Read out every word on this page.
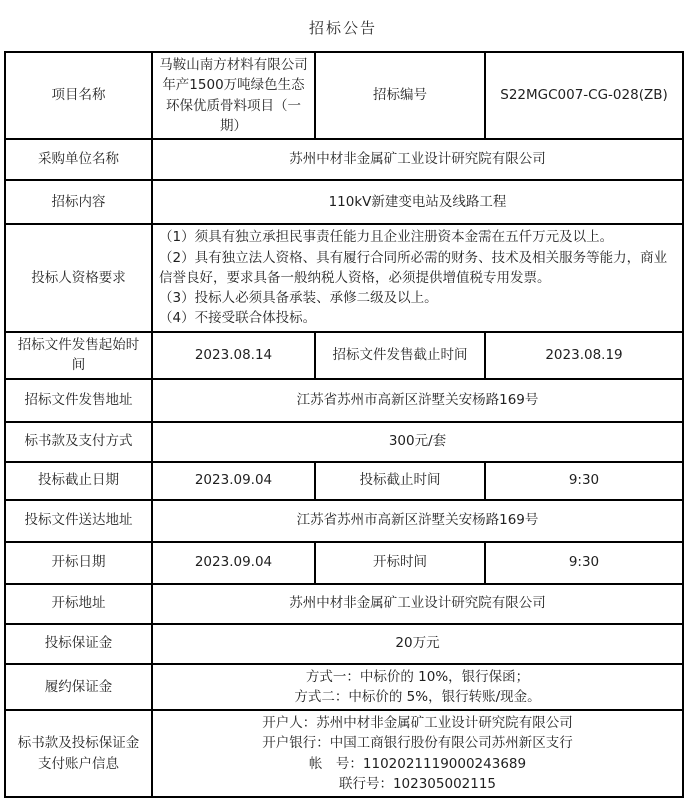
招标公告
项目名称	马鞍山南方材料有限公司年产1500万吨绿色生态环保优质骨料项目（一期）	招标编号	S22MGC007-CG-028(ZB)
采购单位名称	苏州中材非金属矿工业设计研究院有限公司		
招标内容	110kV新建变电站及线路工程		
投标人资格要求	（1）须具有独立承担民事责任能力且企业注册资本金需在五仟万元及以上。
（2）具有独立法人资格、具有履行合同所必需的财务、技术及相关服务等能力，商业信誉良好，要求具备一般纳税人资格，必须提供增值税专用发票。
（3）投标人必须具备承装、承修二级及以上。
（4）不接受联合体投标。		

招标文件发售起始时间	2023.08.14	招标文件发售截止时间	2023.08.19
招标文件发售地址	江苏省苏州市高新区浒墅关安杨路169号		
标书款及支付方式	300元/套		
投标截止日期	2023.09.04	投标截止时间	9:30
投标文件送达地址	江苏省苏州市高新区浒墅关安杨路169号		
开标日期	2023.09.04	开标时间	9:30
开标地址	苏州中材非金属矿工业设计研究院有限公司		
投标保证金	20万元		
履约保证金	方式一：中标价的 10%，银行保函；
方式二：中标价的 5%，银行转账/现金。		

标书款及投标保证金支付账户信息	开户人：苏州中材非金属矿工业设计研究院有限公司
开户银行：中国工商银行股份有限公司苏州新区支行
帐　号：1102021119000243689
联行号：102305002115		
